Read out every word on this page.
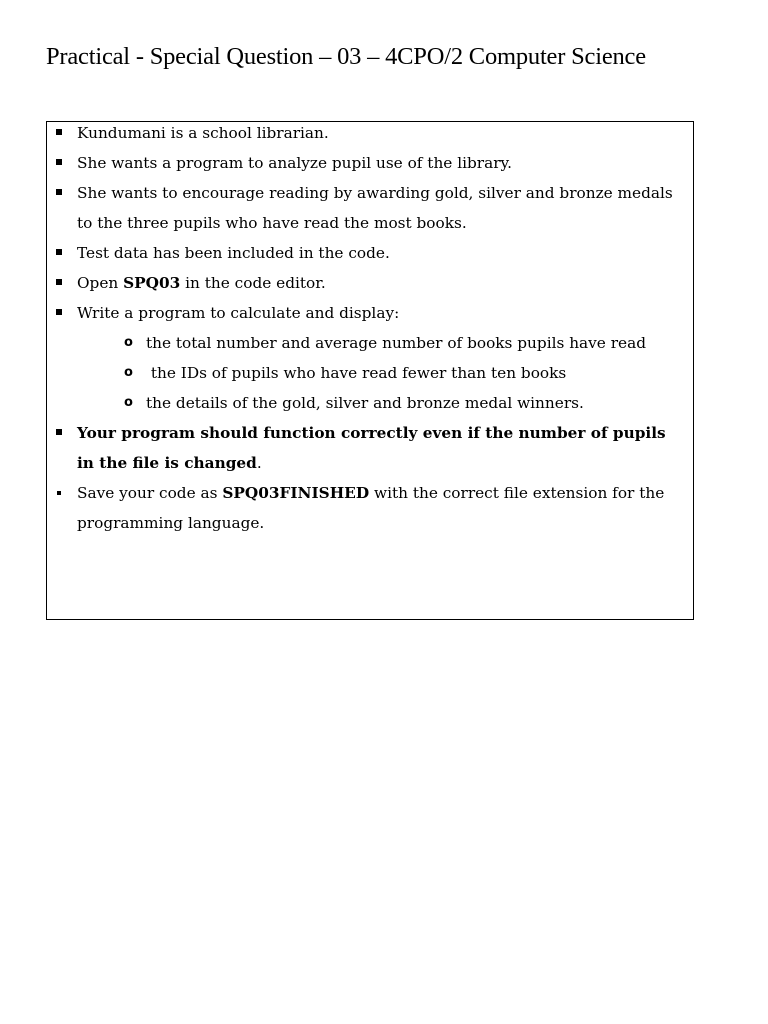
Practical - Special Question – 03 – 4CPO/2 Computer Science
Kundumani is a school librarian.
She wants a program to analyze pupil use of the library.
She wants to encourage reading by awarding gold, silver and bronze medals to the three pupils who have read the most books.
Test data has been included in the code.
Open SPQ03 in the code editor.
Write a program to calculate and display:
o the total number and average number of books pupils have read
o the IDs of pupils who have read fewer than ten books
o the details of the gold, silver and bronze medal winners.
Your program should function correctly even if the number of pupils in the file is changed.
Save your code as SPQ03FINISHED with the correct file extension for the programming language.
